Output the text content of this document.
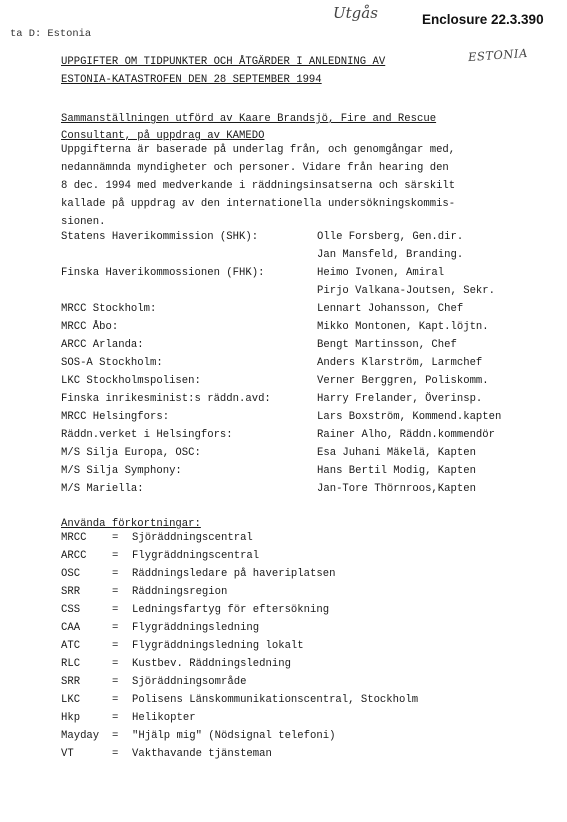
Utgås
ESTONIA
Enclosure 22.3.390
ta D: Estonia
UPPGIFTER OM TIDPUNKTER OCH ÅTGÄRDER I ANLEDNING AV
ESTONIA-KATASTROFEN DEN 28 SEPTEMBER 1994
Sammanställningen utförd av Kaare Brandsjö, Fire and Rescue
Consultant, på uppdrag av KAMEDO
Uppgifterna är baserade på underlag från, och genomgångar med,
nedannämnda myndigheter och personer. Vidare från hearing den
8 dec. 1994 med medverkande i räddningsinsatserna och särskilt
kallade på uppdrag av den internationella undersökningskommis-
sionen.
Statens Haverikommission (SHK):	Olle Forsberg, Gen.dir.
Jan Mansfeld, Branding.
Finska Haverikommossionen (FHK):	Heimo Ivonen, Amiral
Pirjo Valkana-Joutsen, Sekr.
MRCC Stockholm:	Lennart Johansson, Chef
MRCC Åbo:	Mikko Montonen, Kapt.löjtn.
ARCC Arlanda:	Bengt Martinsson, Chef
SOS-A Stockholm:	Anders Klarström, Larmchef
LKC Stockholmspolisen:	Verner Berggren, Poliskomm.
Finska inrikesminist:s räddn.avd:	Harry Frelander, Överinsp.
MRCC Helsingfors:	Lars Boxström, Kommend.kapten
Räddn.verket i Helsingfors:	Rainer Alho, Räddn.kommendör
M/S Silja Europa, OSC:	Esa Juhani Mäkelä, Kapten
M/S Silja Symphony:	Hans Bertil Modig, Kapten
M/S Mariella:	Jan-Tore Thörnroos,Kapten
Använda förkortningar:
MRCC = Sjöräddningscentral
ARCC = Flygräddningscentral
OSC	= Räddningsledare på haveriplatsen
SRR	= Räddningsregion
CSS	= Ledningsfartyg för eftersökning
CAA	= Flygräddningsledning
ATC	= Flygräddningsledning lokalt
RLC	= Kustbev. Räddningsledning
SRR	= Sjöräddningsområde
LKC	= Polisens Länskommunikationscentral, Stockholm
Hkp	= Helikopter
Mayday = "Hjälp mig" (Nödsignal telefoni)
VT	= Vakthavande tjänsteman
